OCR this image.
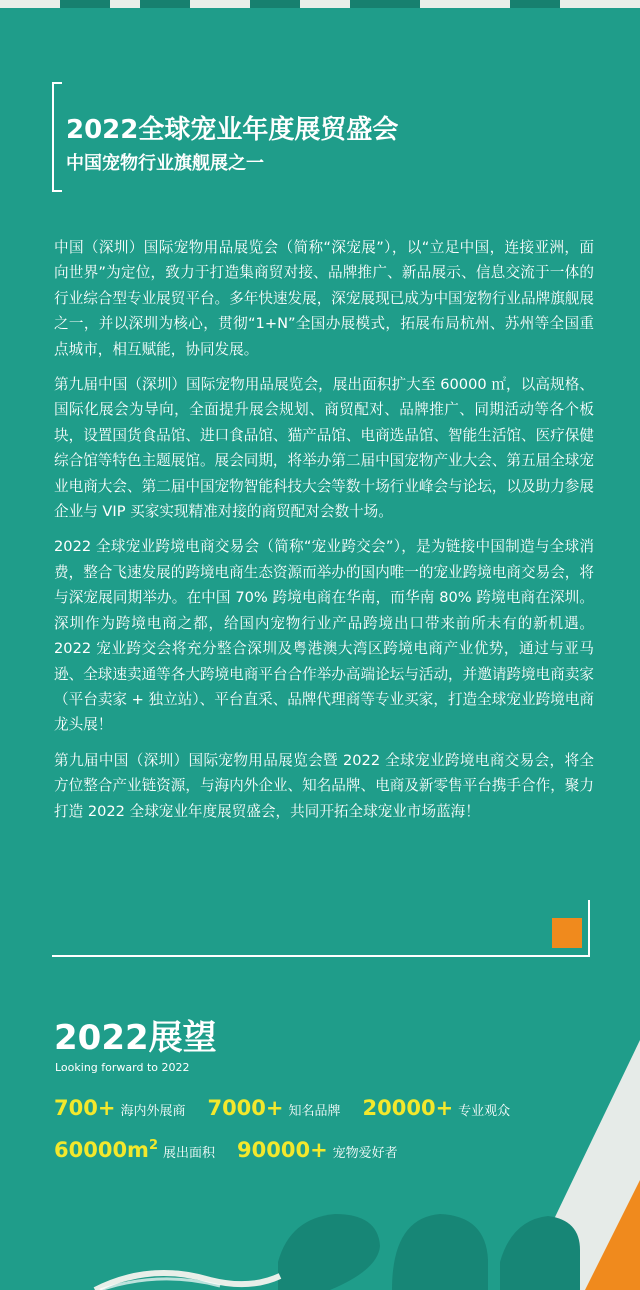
2022全球宠业年度展贸盛会
中国宠物行业旗舰展之一

中国（深圳）国际宠物用品展览会（简称“深宠展”），以“立足中国，连接亚洲，面向世界”为定位，致力于打造集商贸对接、品牌推广、新品展示、信息交流于一体的行业综合型专业展贸平台。多年快速发展，深宠展现已成为中国宠物行业品牌旗舰展之一，并以深圳为核心，贯彻“1+N”全国办展模式，拓展布局杭州、苏州等全国重点城市，相互赋能，协同发展。

第九届中国（深圳）国际宠物用品展览会，展出面积扩大至 60000 ㎡，以高规格、国际化展会为导向，全面提升展会规划、商贸配对、品牌推广、同期活动等各个板块，设置国货食品馆、进口食品馆、猫产品馆、电商选品馆、智能生活馆、医疗保健综合馆等特色主题展馆。展会同期，将举办第二届中国宠物产业大会、第五届全球宠业电商大会、第二届中国宠物智能科技大会等数十场行业峰会与论坛，以及助力参展企业与 VIP 买家实现精准对接的商贸配对会数十场。

2022 全球宠业跨境电商交易会（简称“宠业跨交会”），是为链接中国制造与全球消费，整合飞速发展的跨境电商生态资源而举办的国内唯一的宠业跨境电商交易会，将与深宠展同期举办。在中国 70% 跨境电商在华南，而华南 80% 跨境电商在深圳。深圳作为跨境电商之都，给国内宠物行业产品跨境出口带来前所未有的新机遇。2022 宠业跨交会将充分整合深圳及粤港澳大湾区跨境电商产业优势，通过与亚马逊、全球速卖通等各大跨境电商平台合作举办高端论坛与活动，并邀请跨境电商卖家（平台卖家 + 独立站）、平台直采、品牌代理商等专业买家，打造全球宠业跨境电商龙头展！

第九届中国（深圳）国际宠物用品展览会暨 2022 全球宠业跨境电商交易会，将全方位整合产业链资源，与海内外企业、知名品牌、电商及新零售平台携手合作，聚力打造 2022 全球宠业年度展贸盛会，共同开拓全球宠业市场蓝海！

2022展望
Looking forward to 2022
700+ 海内外展商 7000+ 知名品牌 20000+ 专业观众
$60000m^2$
展出面积 90000+ 宠物爱好者
